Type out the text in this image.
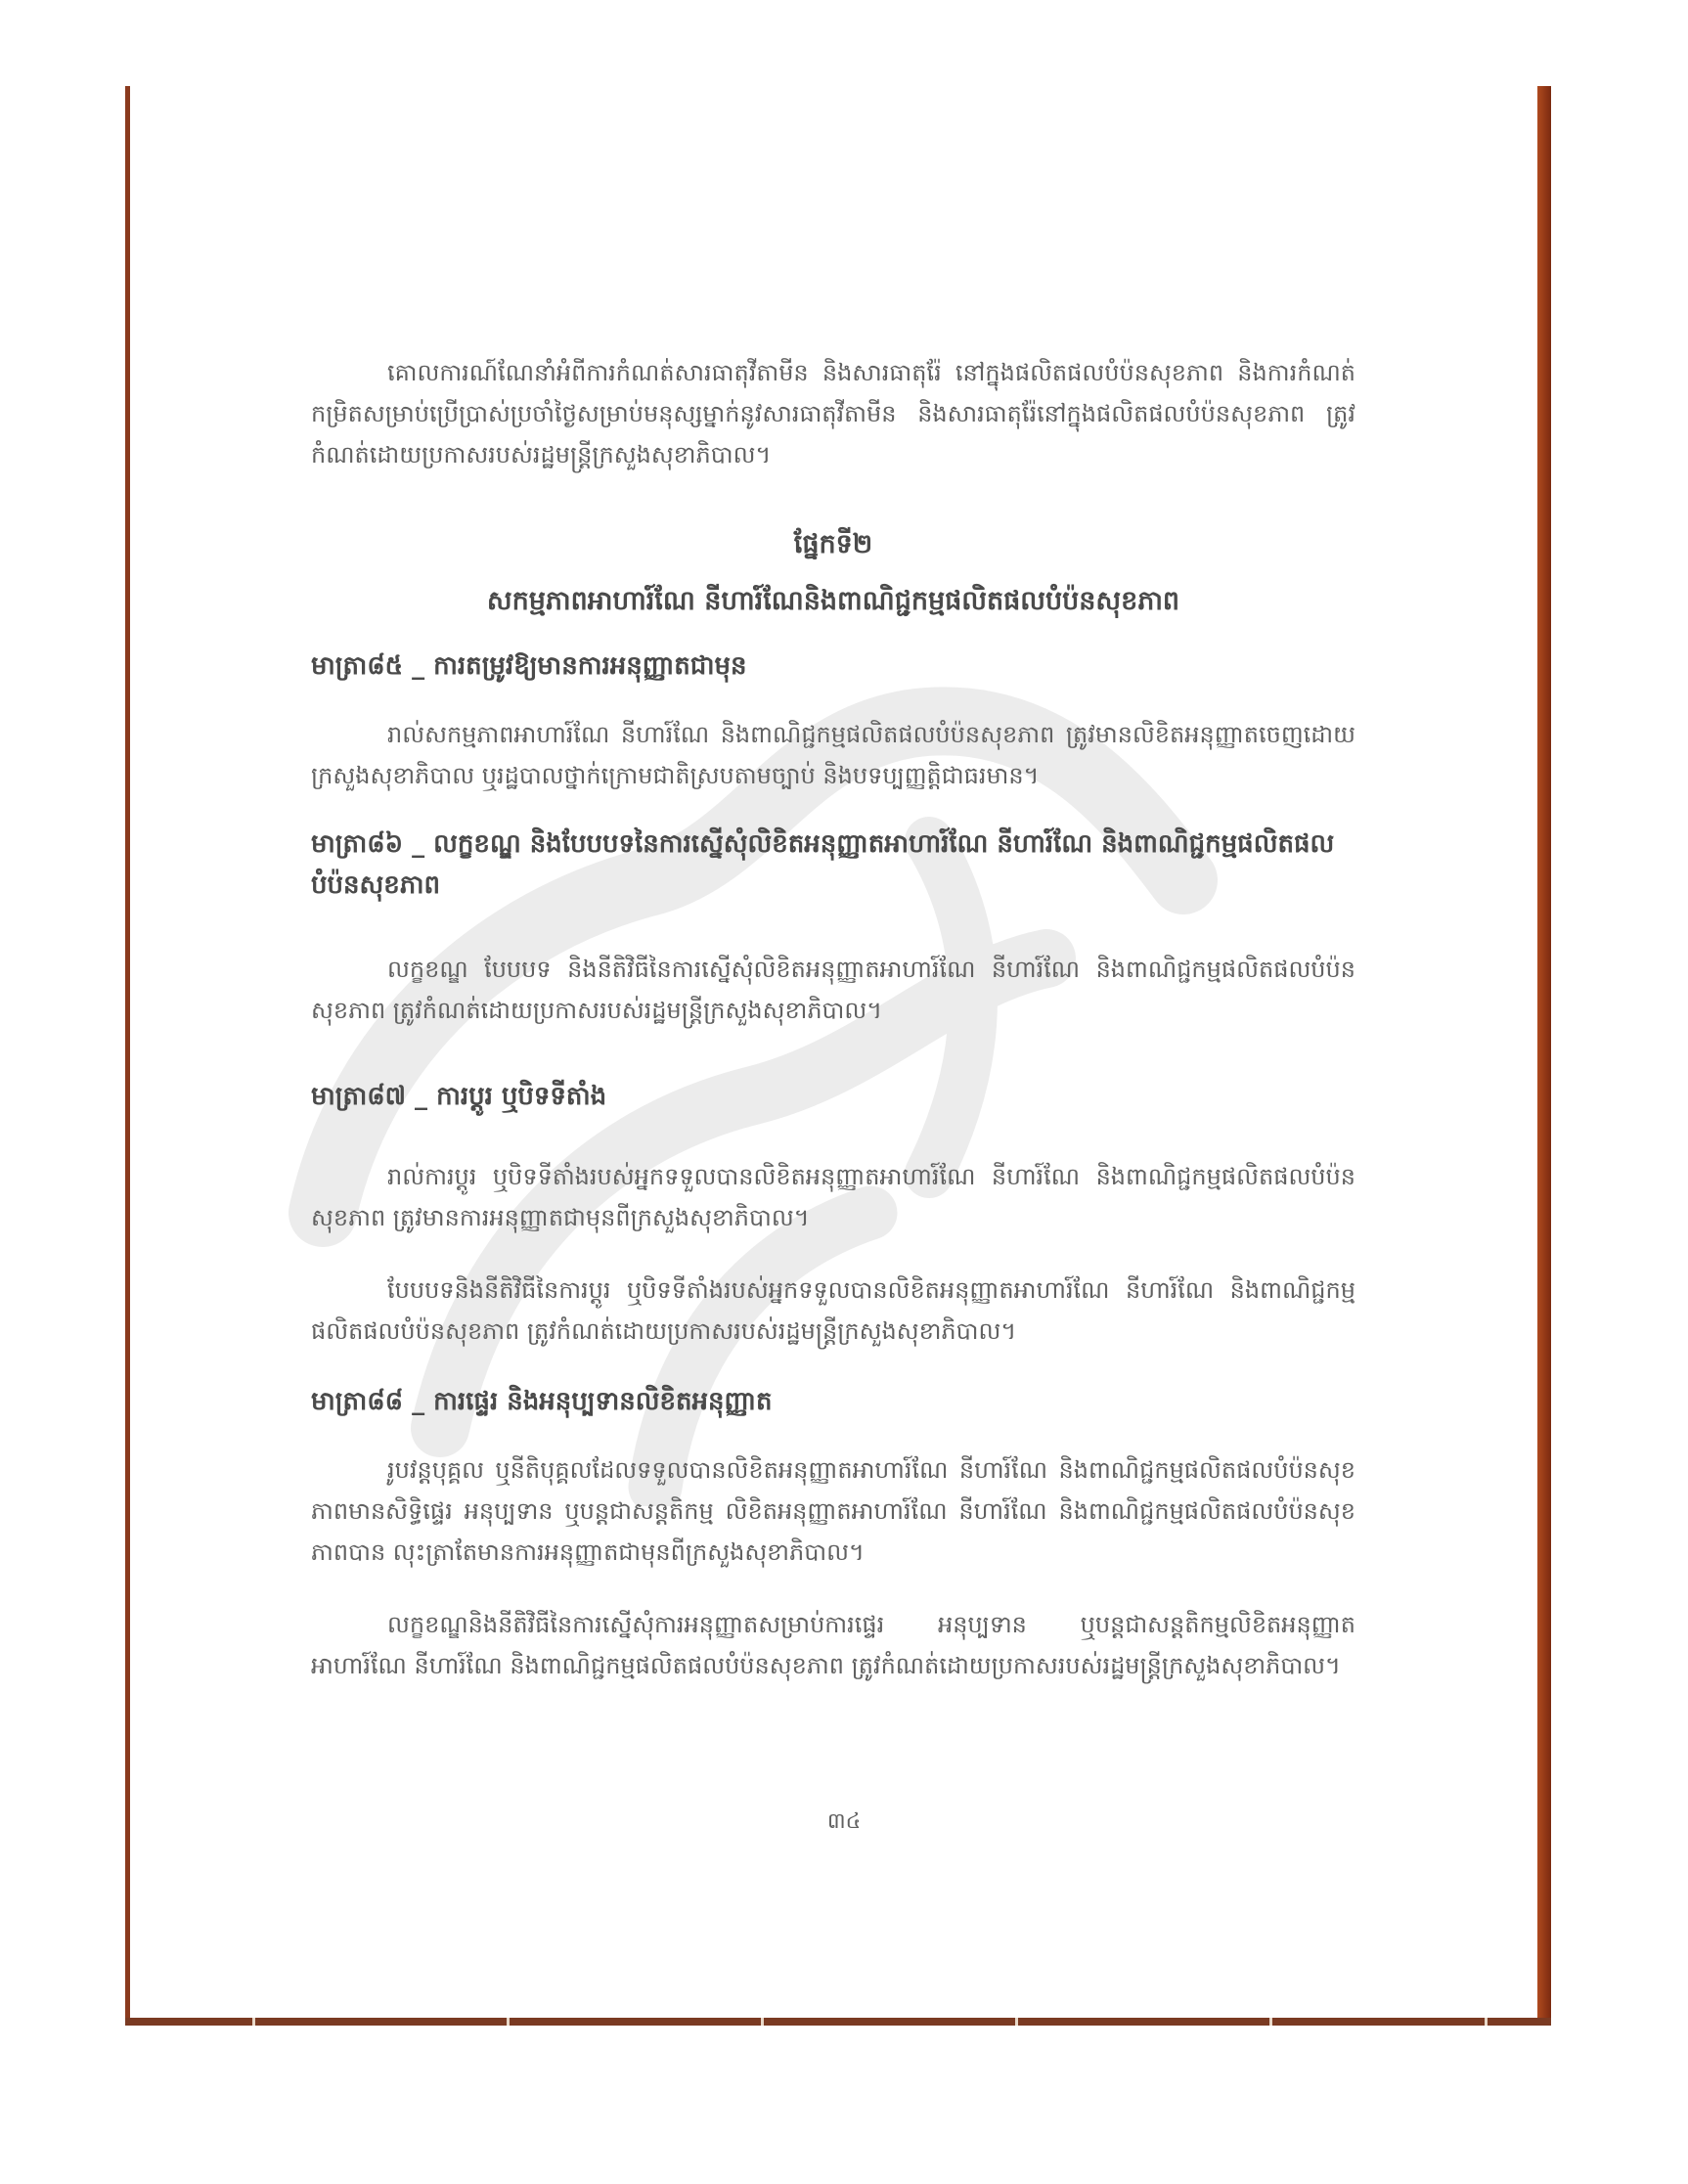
គោលការណ៍ណែនាំអំពីការកំណត់សារធាតុវីតាមីន និងសារធាតុរ៉ែ នៅក្នុងផលិតផលបំប៉នសុខភាព និងការកំណត់កម្រិតសម្រាប់ប្រើប្រាស់ប្រចាំថ្ងៃសម្រាប់មនុស្សម្នាក់នូវសារធាតុវីតាមីន និងសារធាតុរ៉ែនៅក្នុងផលិតផលបំប៉នសុខភាព ត្រូវកំណត់ដោយប្រកាសរបស់រដ្ឋមន្ត្រីក្រសួងសុខាភិបាល។

ផ្នែកទី២

សកម្មភាពអាហារ៍ណែ នីហារ៍ណែនិងពាណិជ្ជកម្មផលិតផលបំប៉នសុខភាព

មាត្រា៨៥ _ ការតម្រូវឱ្យមានការអនុញ្ញាតជាមុន

រាល់សកម្មភាពអាហារ៍ណែ នីហារ៍ណែ និងពាណិជ្ជកម្មផលិតផលបំប៉នសុខភាព ត្រូវមានលិខិតអនុញ្ញាតចេញដោយក្រសួងសុខាភិបាល ឬរដ្ឋបាលថ្នាក់ក្រោមជាតិស្របតាមច្បាប់ និងបទប្បញ្ញត្តិជាធរមាន។

មាត្រា៨៦ _ លក្ខខណ្ឌ និងបែបបទនៃការស្នើសុំលិខិតអនុញ្ញាតអាហារ៍ណែ នីហារ៍ណែ និងពាណិជ្ជកម្មផលិតផលបំប៉នសុខភាព

លក្ខខណ្ឌ បែបបទ និងនីតិវិធីនៃការស្នើសុំលិខិតអនុញ្ញាតអាហារ៍ណែ នីហារ៍ណែ និងពាណិជ្ជកម្មផលិតផលបំប៉នសុខភាព ត្រូវកំណត់ដោយប្រកាសរបស់រដ្ឋមន្ត្រីក្រសួងសុខាភិបាល។

មាត្រា៨៧ _ ការប្ដូរ ឬបិទទីតាំង

រាល់ការប្ដូរ ឬបិទទីតាំងរបស់អ្នកទទួលបានលិខិតអនុញ្ញាតអាហារ៍ណែ នីហារ៍ណែ និងពាណិជ្ជកម្មផលិតផលបំប៉នសុខភាព ត្រូវមានការអនុញ្ញាតជាមុនពីក្រសួងសុខាភិបាល។

បែបបទនិងនីតិវិធីនៃការប្ដូរ ឬបិទទីតាំងរបស់អ្នកទទួលបានលិខិតអនុញ្ញាតអាហារ៍ណែ នីហារ៍ណែ និងពាណិជ្ជកម្មផលិតផលបំប៉នសុខភាព ត្រូវកំណត់ដោយប្រកាសរបស់រដ្ឋមន្ត្រីក្រសួងសុខាភិបាល។

មាត្រា៨៨ _ ការផ្ទេរ និងអនុប្បទានលិខិតអនុញ្ញាត

រូបវន្តបុគ្គល ឬនីតិបុគ្គលដែលទទួលបានលិខិតអនុញ្ញាតអាហារ៍ណែ នីហារ៍ណែ និងពាណិជ្ជកម្មផលិតផលបំប៉នសុខភាពមានសិទ្ធិផ្ទេរ អនុប្បទាន ឬបន្តជាសន្តតិកម្ម លិខិតអនុញ្ញាតអាហារ៍ណែ នីហារ៍ណែ និងពាណិជ្ជកម្មផលិតផលបំប៉នសុខភាពបាន លុះត្រាតែមានការអនុញ្ញាតជាមុនពីក្រសួងសុខាភិបាល។

លក្ខខណ្ឌនិងនីតិវិធីនៃការស្នើសុំការអនុញ្ញាតសម្រាប់ការផ្ទេរ អនុប្បទាន ឬបន្តជាសន្តតិកម្មលិខិតអនុញ្ញាតអាហារ៍ណែ នីហារ៍ណែ និងពាណិជ្ជកម្មផលិតផលបំប៉នសុខភាព ត្រូវកំណត់ដោយប្រកាសរបស់រដ្ឋមន្ត្រីក្រសួងសុខាភិបាល។

៣៤
